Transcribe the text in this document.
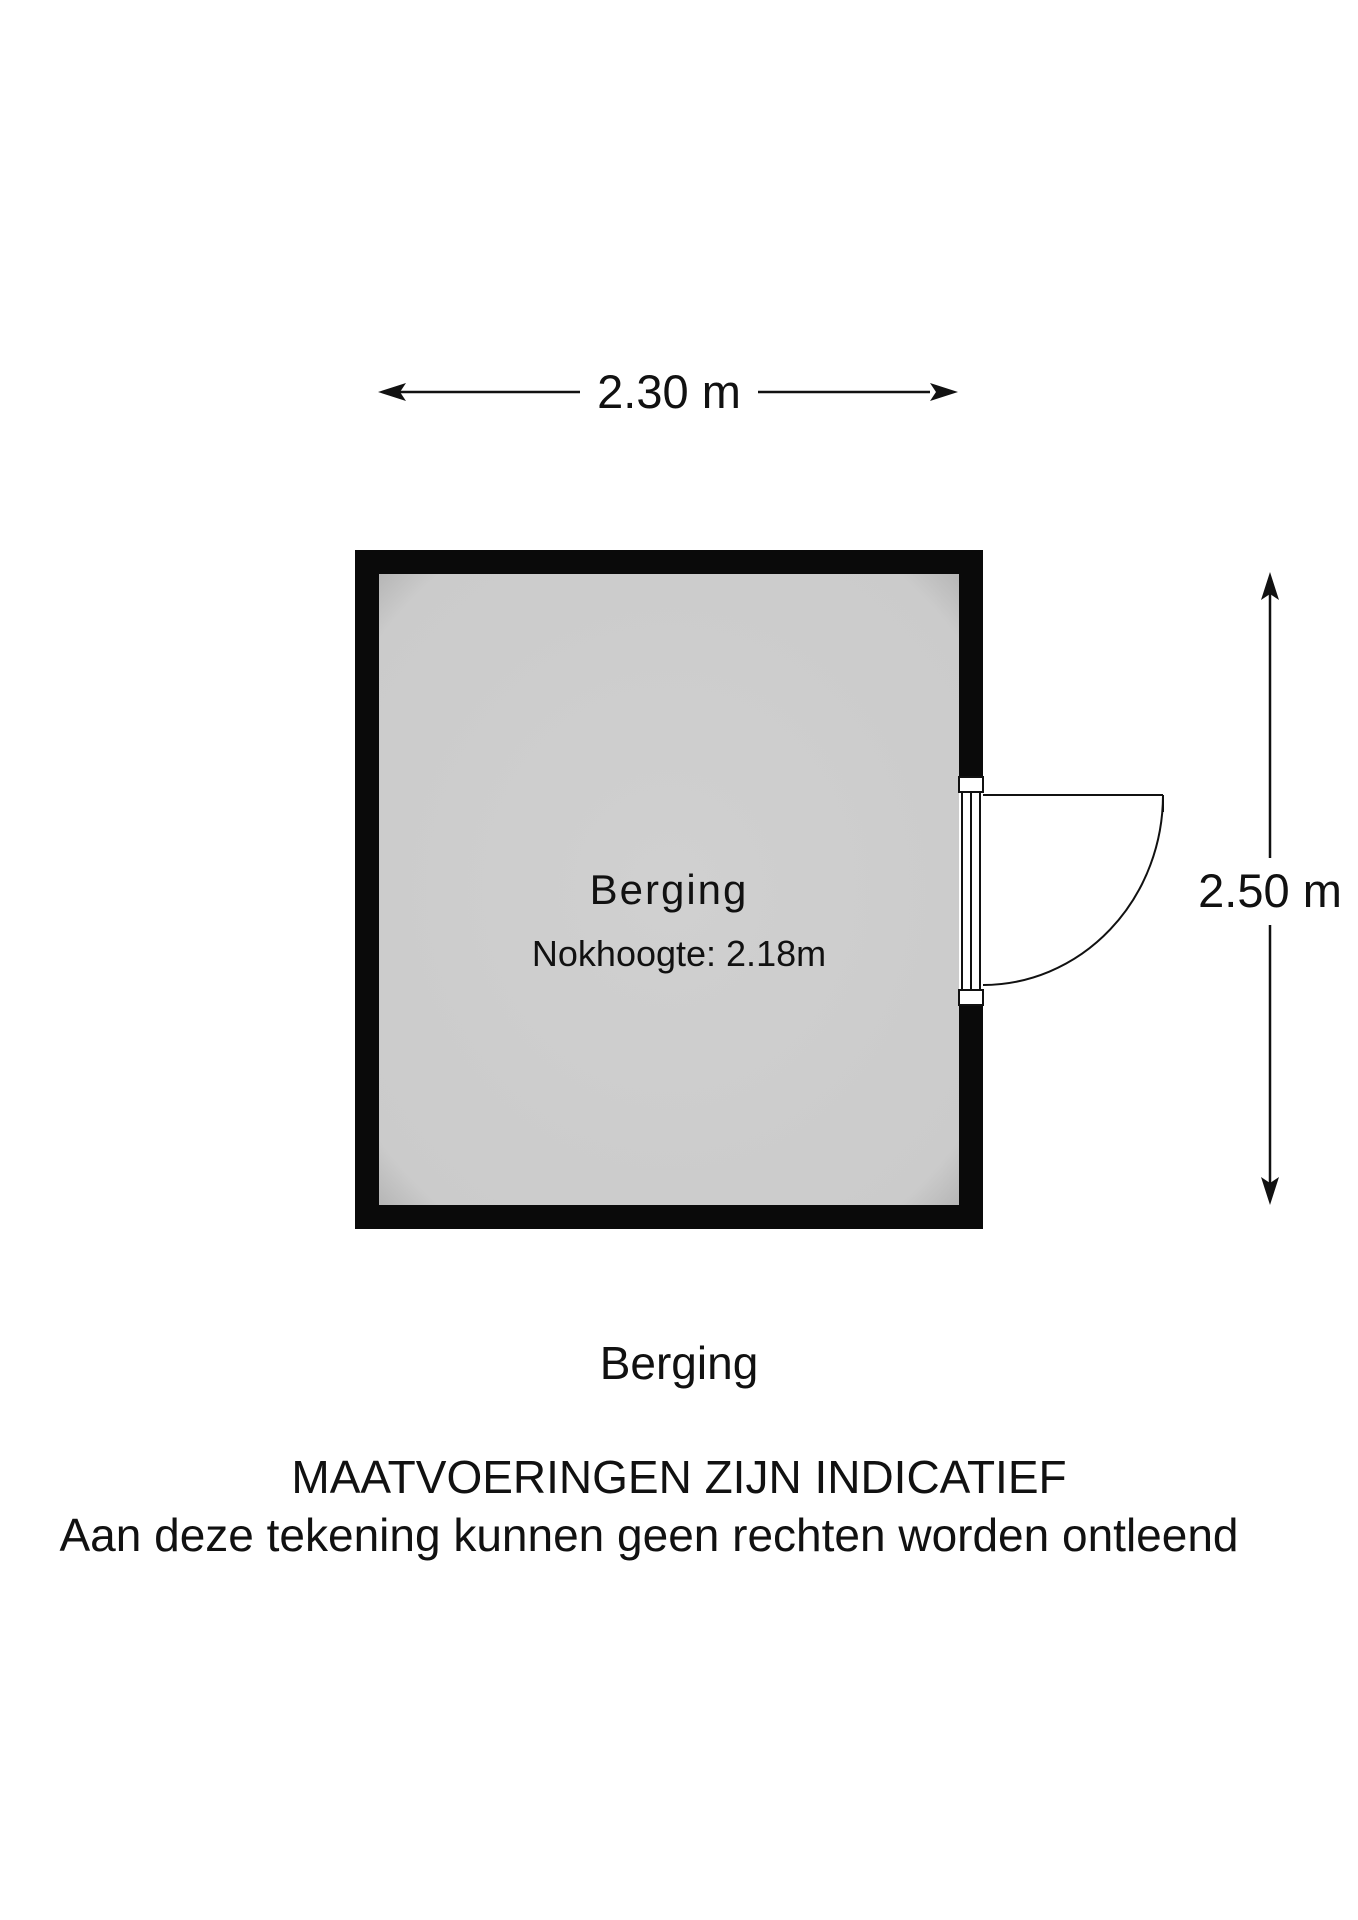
2.30 m
2.50 m
Berging
Nokhoogte: 2.18m

Berging

MAATVOERINGEN ZIJN INDICATIEF

Aan deze tekening kunnen geen rechten worden ontleend
